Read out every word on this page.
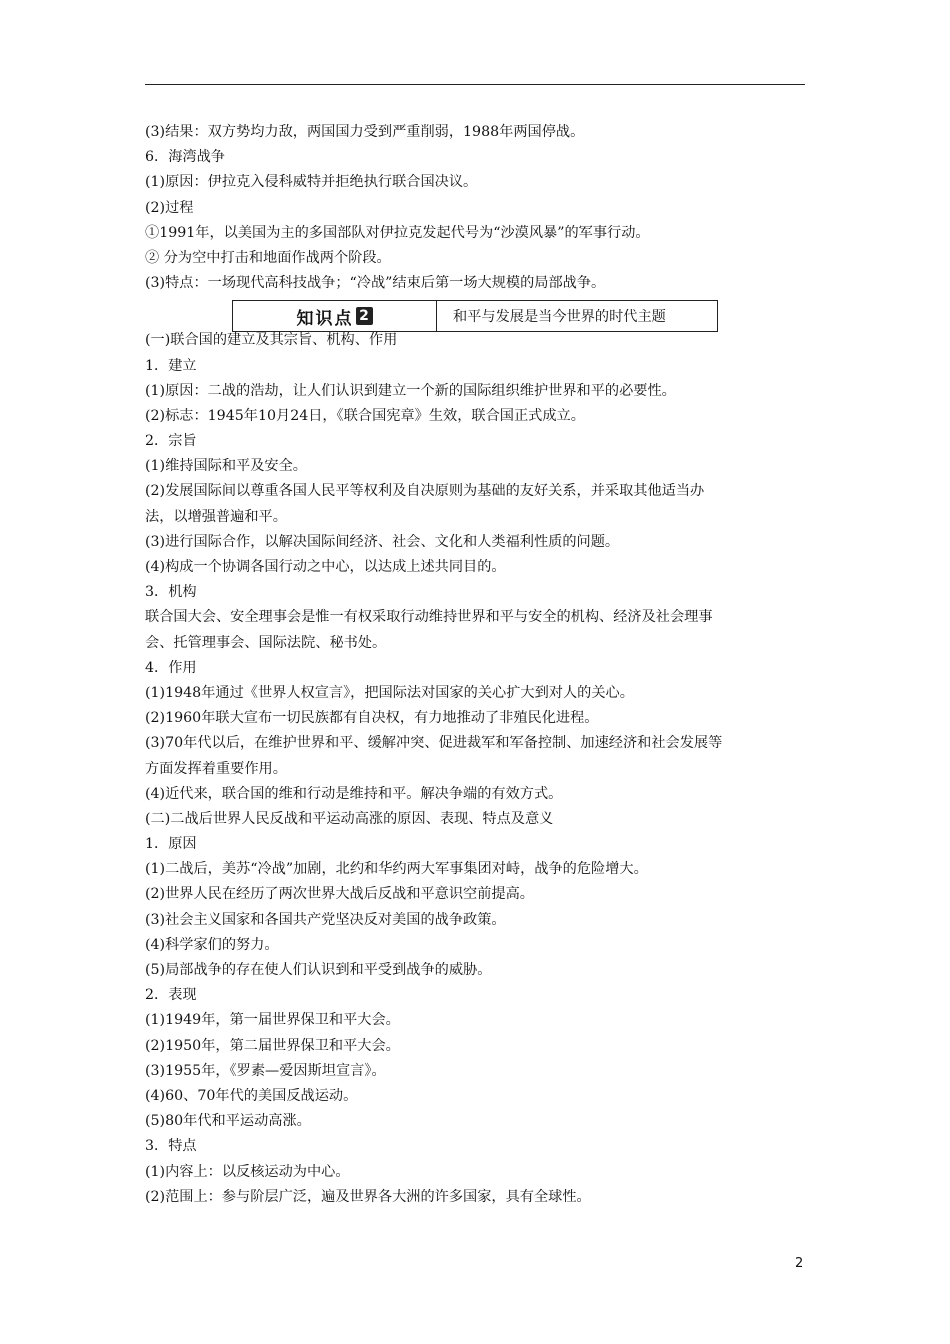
(3)结果：双方势均力敌，两国国力受到严重削弱，1988年两国停战。
6．海湾战争
(1)原因：伊拉克入侵科威特并拒绝执行联合国决议。
(2)过程
①1991年，以美国为主的多国部队对伊拉克发起代号为“沙漠风暴”的军事行动。
② 分为空中打击和地面作战两个阶段。
(3)特点：一场现代高科技战争；“冷战”结束后第一场大规模的局部战争。
(一)联合国的建立及其宗旨、机构、作用
1．建立
(1)原因：二战的浩劫，让人们认识到建立一个新的国际组织维护世界和平的必要性。
(2)标志：1945年10月24日，《联合国宪章》生效，联合国正式成立。
2．宗旨
(1)维持国际和平及安全。
(2)发展国际间以尊重各国人民平等权利及自决原则为基础的友好关系，并采取其他适当办
法，以增强普遍和平。
(3)进行国际合作，以解决国际间经济、社会、文化和人类福利性质的问题。
(4)构成一个协调各国行动之中心，以达成上述共同目的。
3．机构
联合国大会、安全理事会是惟一有权采取行动维持世界和平与安全的机构、经济及社会理事
会、托管理事会、国际法院、秘书处。
4．作用
(1)1948年通过《世界人权宣言》，把国际法对国家的关心扩大到对人的关心。
(2)1960年联大宣布一切民族都有自决权，有力地推动了非殖民化进程。
(3)70年代以后，在维护世界和平、缓解冲突、促进裁军和军备控制、加速经济和社会发展等
方面发挥着重要作用。
(4)近代来，联合国的维和行动是维持和平。解决争端的有效方式。
(二)二战后世界人民反战和平运动高涨的原因、表现、特点及意义
1．原因
(1)二战后，美苏“冷战”加剧，北约和华约两大军事集团对峙，战争的危险增大。
(2)世界人民在经历了两次世界大战后反战和平意识空前提高。
(3)社会主义国家和各国共产党坚决反对美国的战争政策。
(4)科学家们的努力。
(5)局部战争的存在使人们认识到和平受到战争的威胁。
2．表现
(1)1949年，第一届世界保卫和平大会。
(2)1950年，第二届世界保卫和平大会。
(3)1955年，《罗素—爱因斯坦宣言》。
(4)60、70年代的美国反战运动。
(5)80年代和平运动高涨。
3．特点
(1)内容上：以反核运动为中心。
(2)范围上：参与阶层广泛，遍及世界各大洲的许多国家，具有全球性。
知识点 2	和平与发展是当今世界的时代主题
2
